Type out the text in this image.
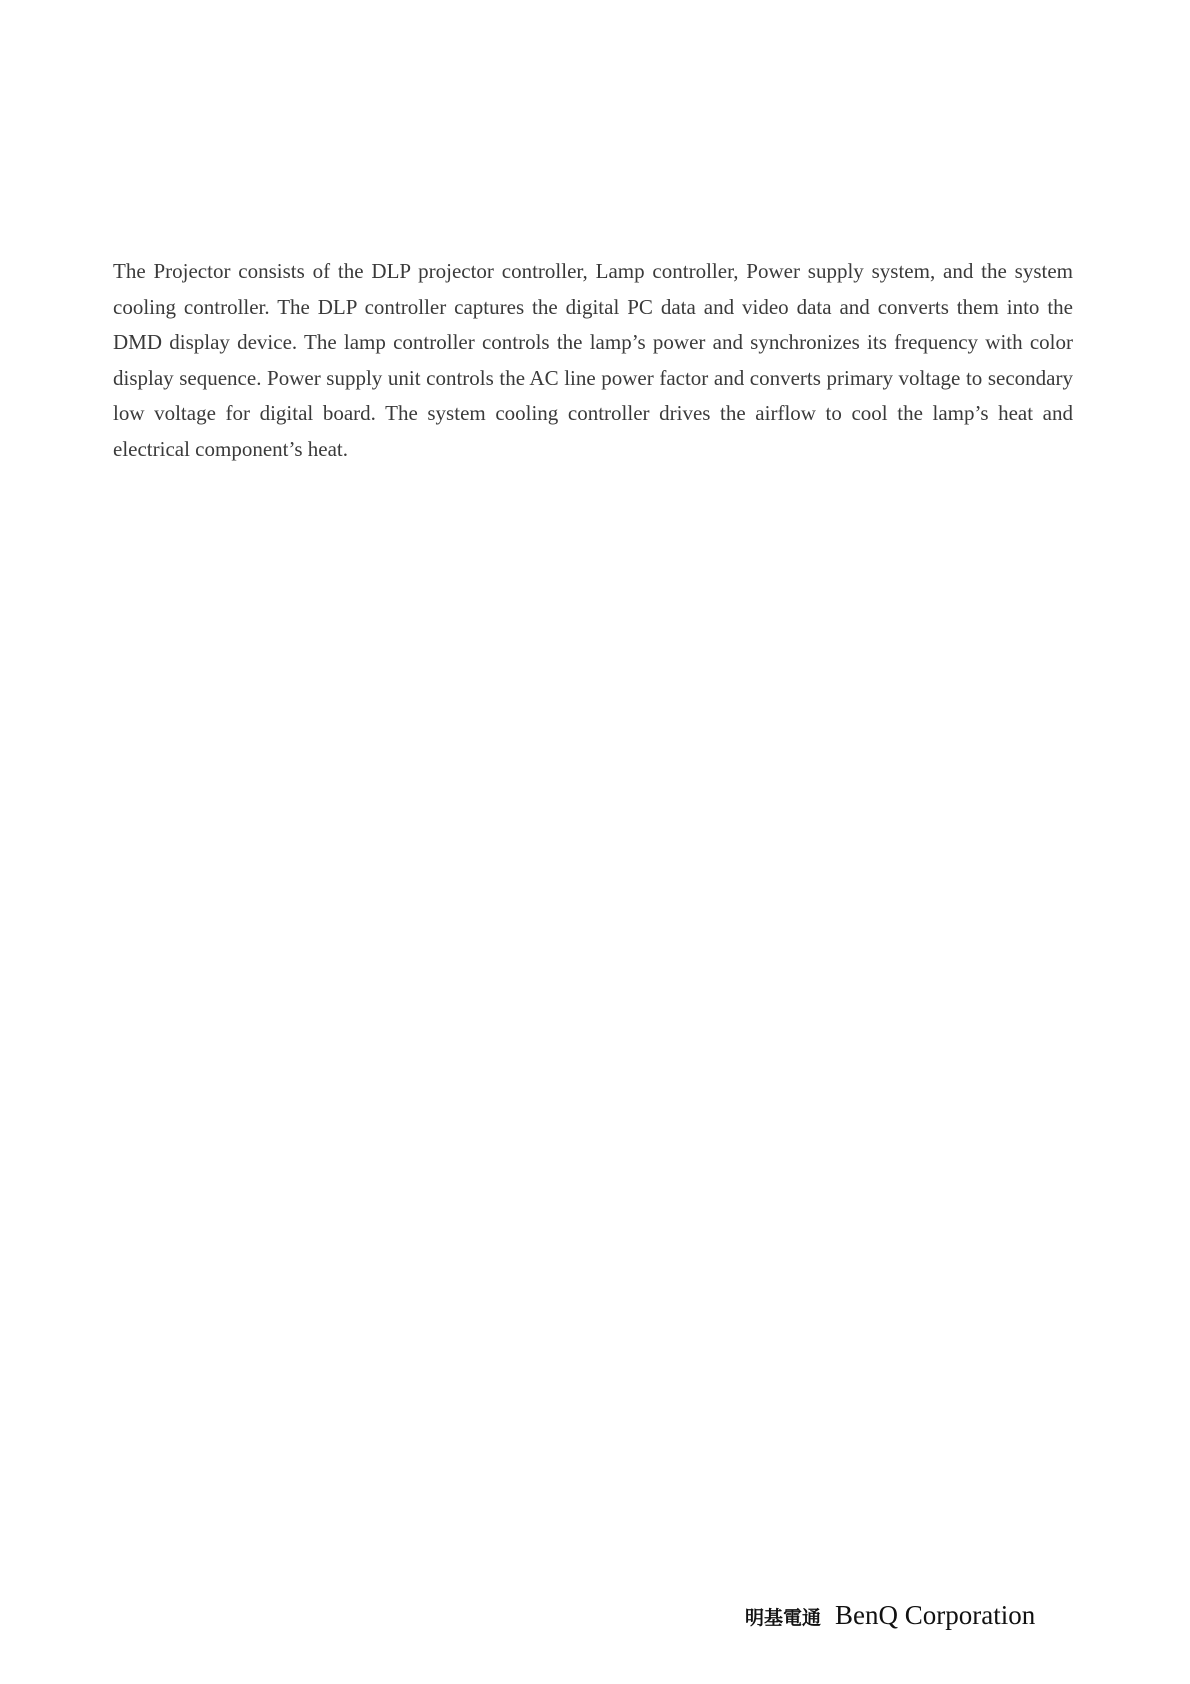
The Projector consists of the DLP projector controller, Lamp controller, Power supply system, and the system cooling controller. The DLP controller captures the digital PC data and video data and converts them into the DMD display device. The lamp controller controls the lamp’s power and synchronizes its frequency with color display sequence. Power supply unit controls the AC line power factor and converts primary voltage to secondary low voltage for digital board. The system cooling controller drives the airflow to cool the lamp’s heat and electrical component’s heat.

明基電通 BenQ Corporation
